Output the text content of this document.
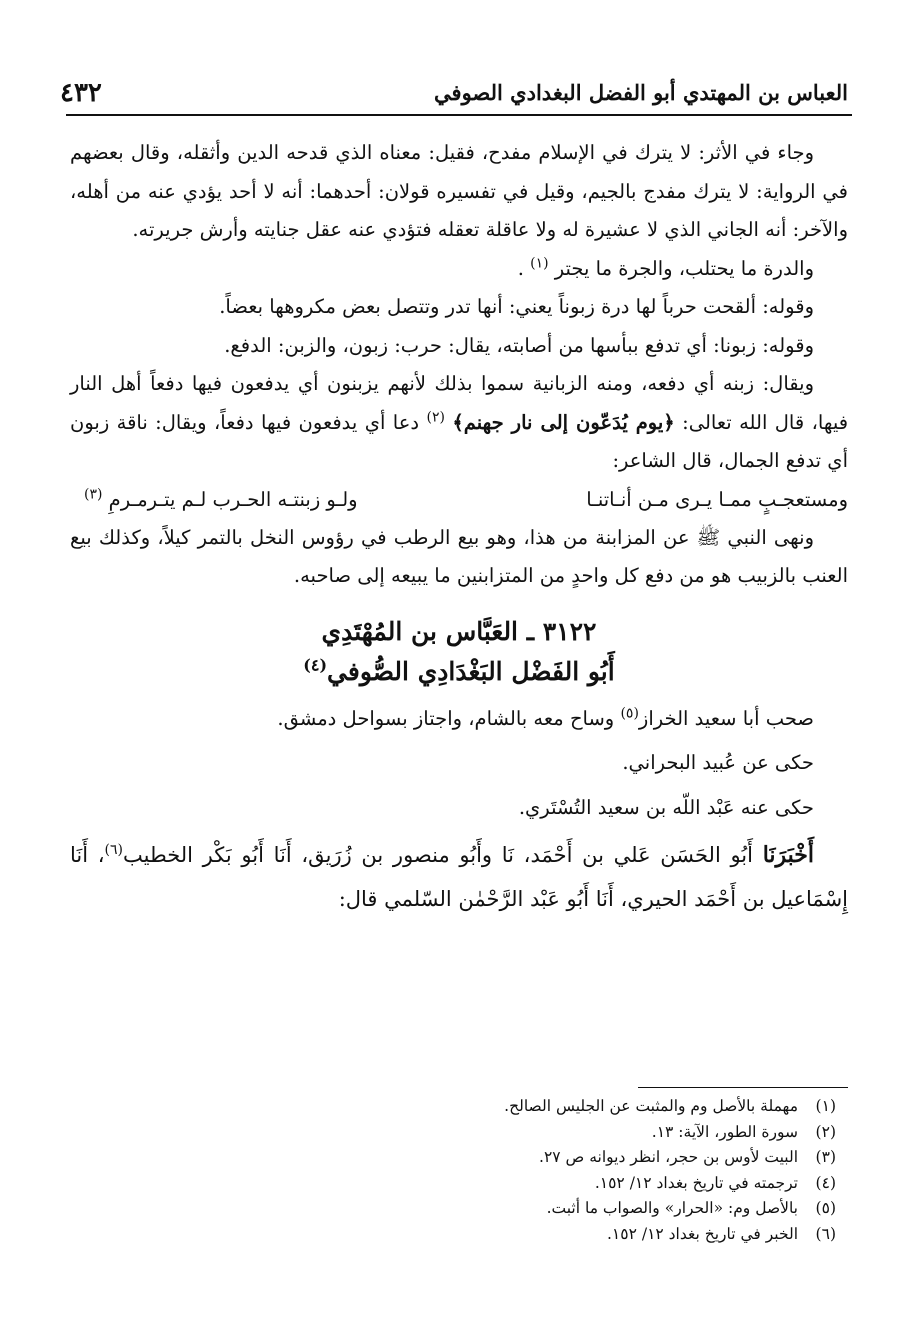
العباس بن المهتدي أبو الفضل البغدادي الصوفي
٤٣٢

وجاء في الأثر: لا يترك في الإسلام مفدح، فقيل: معناه الذي قدحه الدين وأثقله، وقال بعضهم في الرواية: لا يترك مفدج بالجيم، وقيل في تفسيره قولان: أحدهما: أنه لا أحد يؤدي عنه من أهله، والآخر: أنه الجاني الذي لا عشيرة له ولا عاقلة تعقله فتؤدي عنه عقل جنايته وأرش جريرته.

والدرة ما يحتلب، والجرة ما يجتر $^{(١)}$ .

وقوله: ألقحت حرباً لها درة زبوناً يعني: أنها تدر وتتصل بعض مكروهها بعضاً.

وقوله: زبونا: أي تدفع ببأسها من أصابته، يقال: حرب: زبون، والزبن: الدفع.

ويقال: زبنه أي دفعه، ومنه الزبانية سموا بذلك لأنهم يزبنون أي يدفعون فيها دفعاً أهل النار فيها، قال الله تعالى: ﴿يوم يُدَعّون إلى نار جهنم﴾ $^{(٢)}$ دعا أي يدفعون فيها دفعاً، ويقال: ناقة زبون أي تدفع الجمال، قال الشاعر:

ومستعجـبٍ ممـا يـرى مـن أنـاتنـا
ولـو زبنتـه الحـرب لـم يتـرمـرمِ $^{(٣)}$

ونهى النبي ﷺ عن المزابنة من هذا، وهو بيع الرطب في رؤوس النخل بالتمر كيلاً، وكذلك بيع العنب بالزبيب هو من دفع كل واحدٍ من المتزابنين ما يبيعه إلى صاحبه.

٣١٢٢ ـ العَبَّاس بن المُهْتَدِي
أَبُو الفَضْل البَغْدَادِي الصُّوفي$^{(٤)}$

صحب أبا سعيد الخراز$^{(٥)}$ وساح معه بالشام، واجتاز بسواحل دمشق.

حكى عن عُبيد البحراني.

حكى عنه عَبْد اللّه بن سعيد التُسْتَري.

أَخْبَرَنَا أَبُو الحَسَن عَلي بن أَحْمَد، نَا وأَبُو منصور بن زُرَيق، أَنَا أَبُو بَكْر الخطيب$^{(٦)}$، أَنَا إِسْمَاعيل بن أَحْمَد الحيري، أَنَا أَبُو عَبْد الرَّحْمٰن السّلمي قال:

(١)
مهملة بالأصل وم والمثبت عن الجليس الصالح.
(٢)
سورة الطور، الآية: ١٣.
(٣)
البيت لأوس بن حجر، انظر ديوانه ص ٢٧.
(٤)
ترجمته في تاريخ بغداد ١٢/ ١٥٢.
(٥)
بالأصل وم: «الحرار» والصواب ما أثبت.
(٦)
الخبر في تاريخ بغداد ١٢/ ١٥٢.
